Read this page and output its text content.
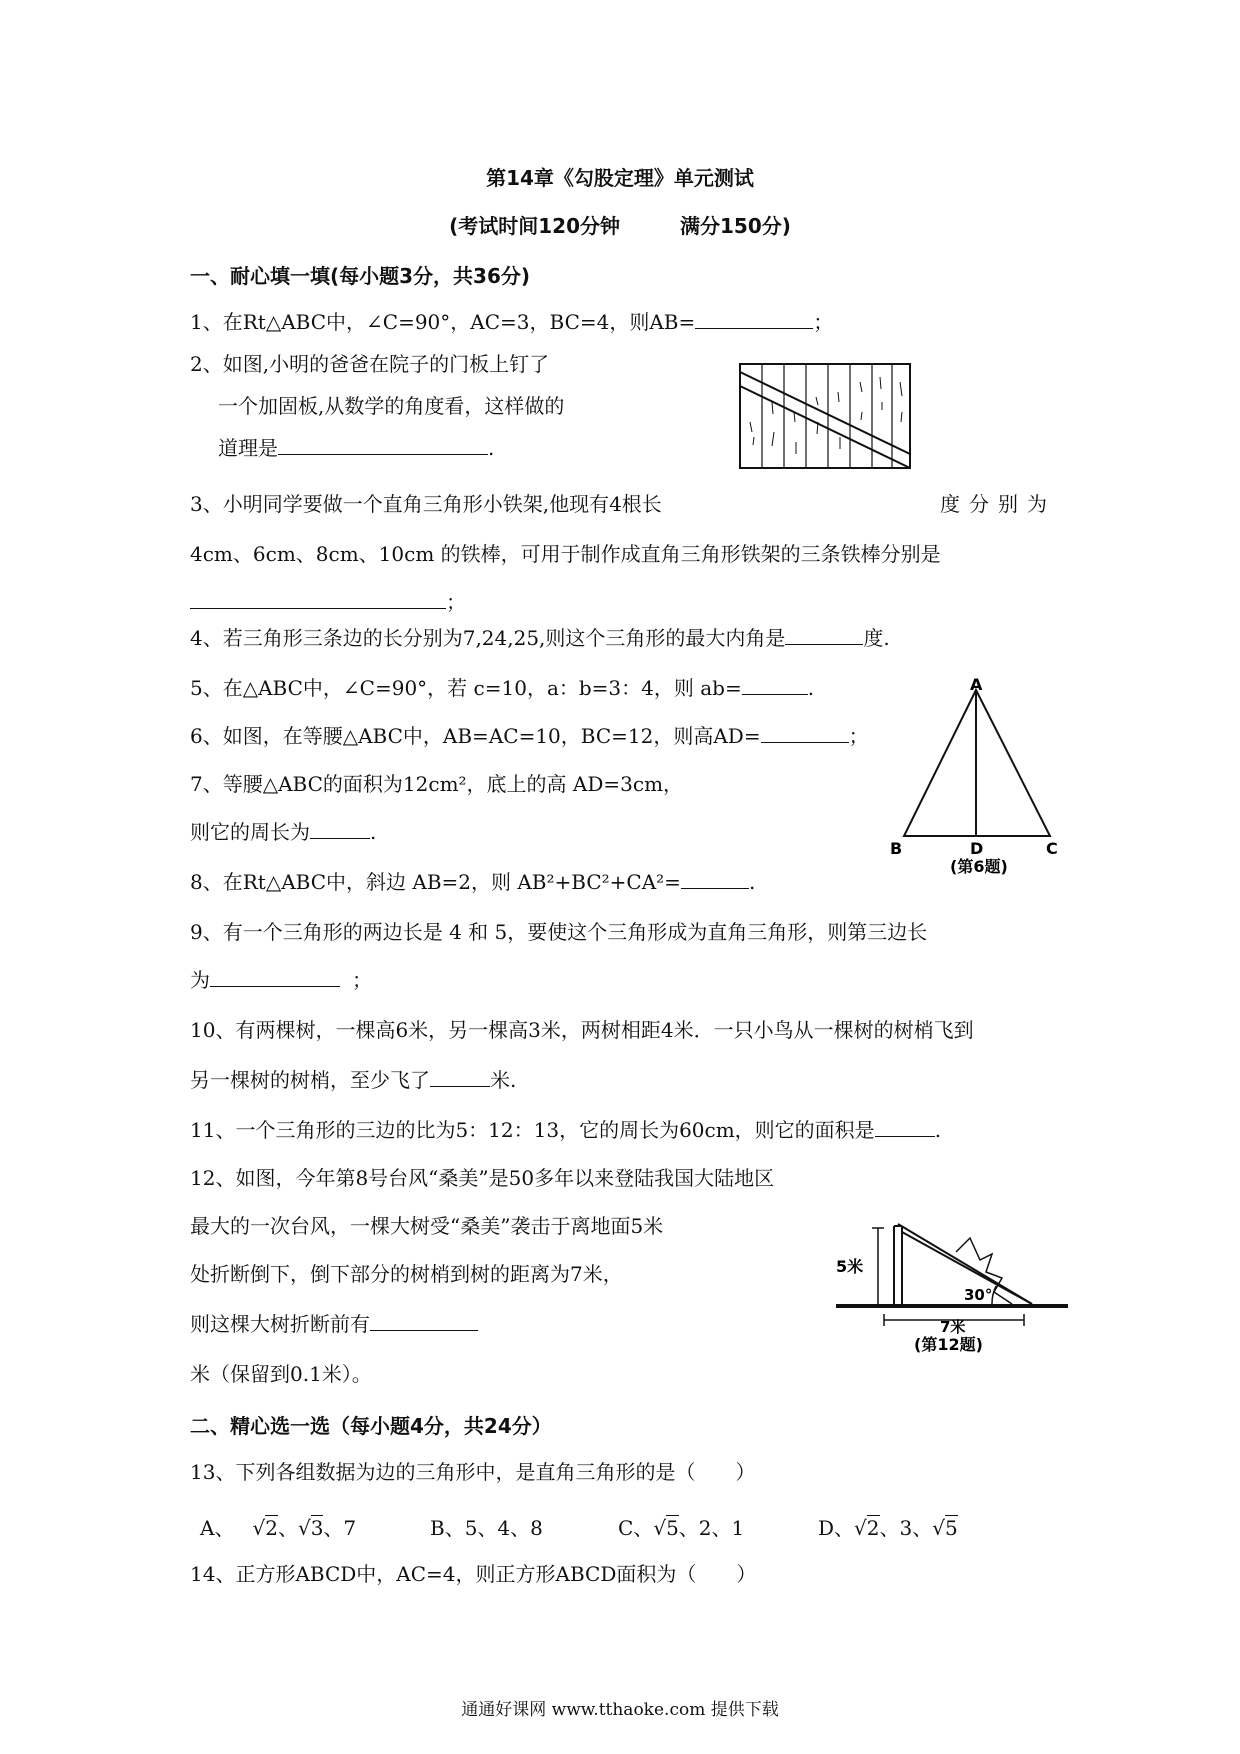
第14章《勾股定理》单元测试
(考试时间120分钟　　　满分150分)
一、耐心填一填(每小题3分，共36分)
1、在Rt△ABC中，∠C=90°，AC=3，BC=4，则AB=	；
2、如图,小明的爸爸在院子的门板上钉了
一个加固板,从数学的角度看，这样做的
道理是	.
3、小明同学要做一个直角三角形小铁架,他现有4根长	度分别为
4cm、6cm、8cm、10cm 的铁棒，可用于制作成直角三角形铁架的三条铁棒分别是
；
4、若三角形三条边的长分别为7,24,25,则这个三角形的最大内角是	度.
5、在△ABC中，∠C=90°，若 c=10，a：b=3：4，则 ab=	.	A
B	D	C
(第6题)
6、如图，在等腰△ABC中，AB=AC=10，BC=12，则高AD=	；
7、等腰△ABC的面积为12cm²，底上的高 AD=3cm，
则它的周长为	.
8、在Rt△ABC中，斜边 AB=2，则 AB²+BC²+CA²=	.
9、有一个三角形的两边长是 4 和 5，要使这个三角形成为直角三角形，则第三边长
为	；
10、有两棵树，一棵高6米，另一棵高3米，两树相距4米．一只小鸟从一棵树的树梢飞到
另一棵树的树梢，至少飞了	米.
11、一个三角形的三边的比为5：12：13，它的周长为60cm，则它的面积是	.
12、如图，今年第8号台风“桑美”是50多年以来登陆我国大陆地区
最大的一次台风，一棵大树受“桑美”袭击于离地面5米
处折断倒下，倒下部分的树梢到树的距离为7米，
则这棵大树折断前有
米（保留到0.1米）。
5米
30°
7米
(第12题)
二、精心选一选（每小题4分，共24分）
13、下列各组数据为边的三角形中，是直角三角形的是（　　）
A、 √2、√3、7	B、5、4、8	C、√5、2、1	D、√2、3、√5
14、正方形ABCD中，AC=4，则正方形ABCD面积为（　　）
通通好课网 www.tthaoke.com 提供下载
